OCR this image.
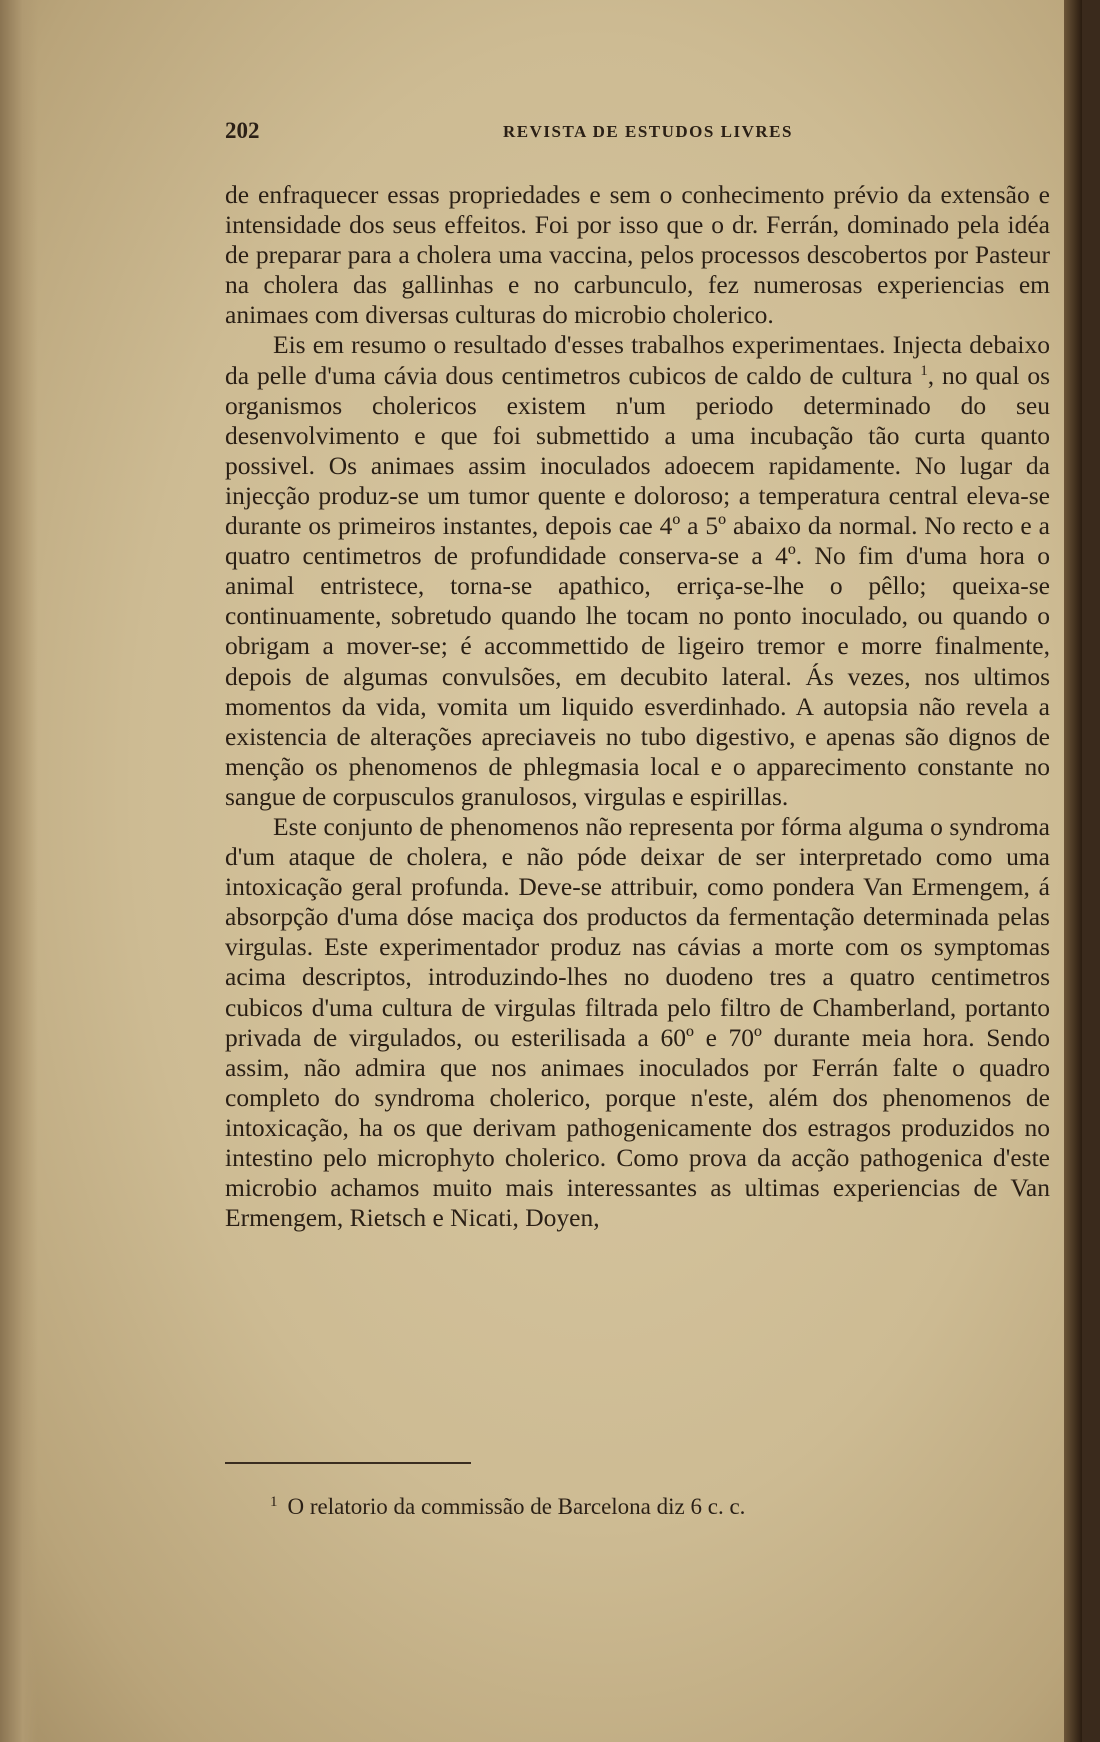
202	REVISTA DE ESTUDOS LIVRES

de enfraquecer essas propriedades e sem o conhecimento prévio da extensão e intensidade dos seus effeitos. Foi por isso que o dr. Ferrán, dominado pela idéa de preparar para a cholera uma vaccina, pelos processos descobertos por Pasteur na cholera das gallinhas e no carbunculo, fez numerosas experiencias em animaes com diversas culturas do microbio cholerico.

Eis em resumo o resultado d'esses trabalhos experimentaes. Injecta debaixo da pelle d'uma cávia dous centimetros cubicos de caldo de cultura $^1$, no qual os organismos cholericos existem n'um periodo determinado do seu desenvolvimento e que foi submettido a uma incubação tão curta quanto possivel. Os animaes assim inoculados adoecem rapidamente. No lugar da injecção produz-se um tumor quente e doloroso; a temperatura central eleva-se durante os primeiros instantes, depois cae 4º a 5º abaixo da normal. No recto e a quatro centimetros de profundidade conserva-se a 4º. No fim d'uma hora o animal entristece, torna-se apathico, erriça-se-lhe o pêllo; queixa-se continuamente, sobretudo quando lhe tocam no ponto inoculado, ou quando o obrigam a mover-se; é accommettido de ligeiro tremor e morre finalmente, depois de algumas convulsões, em decubito lateral. Ás vezes, nos ultimos momentos da vida, vomita um liquido esverdinhado. A autopsia não revela a existencia de alterações apreciaveis no tubo digestivo, e apenas são dignos de menção os phenomenos de phlegmasia local e o apparecimento constante no sangue de corpusculos granulosos, virgulas e espirillas.

Este conjunto de phenomenos não representa por fórma alguma o syndroma d'um ataque de cholera, e não póde deixar de ser interpretado como uma intoxicação geral profunda. Deve-se attribuir, como pondera Van Ermengem, á absorpção d'uma dóse maciça dos productos da fermentação determinada pelas virgulas. Este experimentador produz nas cávias a morte com os symptomas acima descriptos, introduzindo-lhes no duodeno tres a quatro centimetros cubicos d'uma cultura de virgulas filtrada pelo filtro de Chamberland, portanto privada de virgulados, ou esterilisada a 60º e 70º durante meia hora. Sendo assim, não admira que nos animaes inoculados por Ferrán falte o quadro completo do syndroma cholerico, porque n'este, além dos phenomenos de intoxicação, ha os que derivam pathogenicamente dos estragos produzidos no intestino pelo microphyto cholerico. Como prova da acção pathogenica d'este microbio achamos muito mais interessantes as ultimas experiencias de Van Ermengem, Rietsch e Nicati, Doyen,

$^1$ O relatorio da commissão de Barcelona diz 6 c. c.
